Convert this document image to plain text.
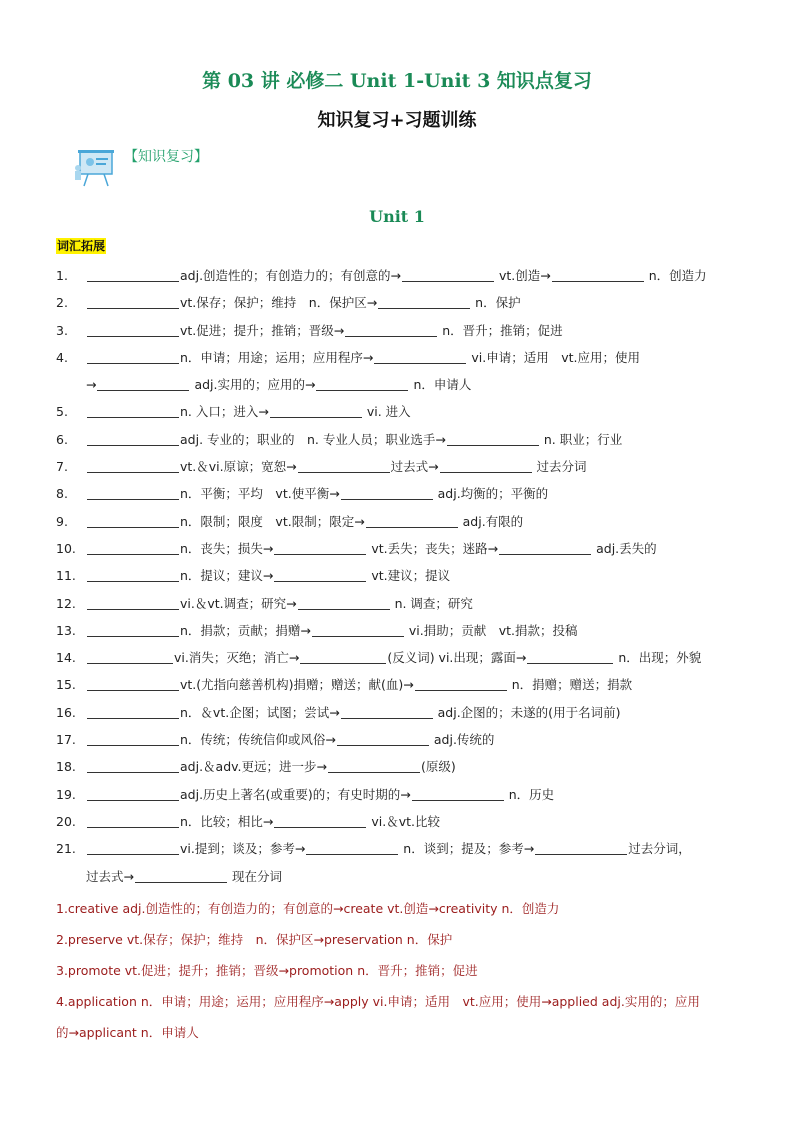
第 03 讲 必修二 Unit 1-Unit 3 知识点复习
知识复习+习题训练
【知识复习】
Unit 1
词汇拓展
1.	adj.创造性的；有创造力的；有创意的→	vt.创造→	n．创造力
2.	vt.保存；保护；维持　n．保护区→	n．保护
3.	vt.促进；提升；推销；晋级→	n．晋升；推销；促进
4.	n．申请；用途；运用；应用程序→	vi.申请；适用　vt.应用；使用
→	adj.实用的；应用的→	n．申请人
5.	n. 入口；进入→	vi. 进入
6.	adj. 专业的；职业的　n. 专业人员；职业选手→	n. 职业；行业
7.	vt.＆vi.原谅；宽恕→	过去式→	过去分词
8.	n．平衡；平均　vt.使平衡→	adj.均衡的；平衡的
9.	n．限制；限度　vt.限制；限定→	adj.有限的
10.	n．丧失；损失→	vt.丢失；丧失；迷路→	adj.丢失的
11.	n．提议；建议→	vt.建议；提议
12.	vi.＆vt.调查；研究→	n. 调查；研究
13.	n．捐款；贡献；捐赠→	vi.捐助；贡献　vt.捐款；投稿
14.	vi.消失；灭绝；消亡→	(反义词) vi.出现；露面→	n．出现；外貌
15.	vt.(尤指向慈善机构)捐赠；赠送；献(血)→	n．捐赠；赠送；捐款
16.	n．＆vt.企图；试图；尝试→	adj.企图的；未遂的(用于名词前)
17.	n．传统；传统信仰或风俗→	adj.传统的
18.	adj.＆adv.更远；进一步→	(原级)
19.	adj.历史上著名(或重要)的；有史时期的→	n．历史
20.	n．比较；相比→	vi.＆vt.比较
21.	vi.提到；谈及；参考→	n．谈到；提及；参考→	过去分词，
过去式→	现在分词
1.creative adj.创造性的；有创造力的；有创意的→create vt.创造→creativity n．创造力
2.preserve vt.保存；保护；维持　n．保护区→preservation n．保护
3.promote vt.促进；提升；推销；晋级→promotion n．晋升；推销；促进
4.application n．申请；用途；运用；应用程序→apply vi.申请；适用　vt.应用；使用→applied adj.实用的；应用
的→applicant n．申请人
